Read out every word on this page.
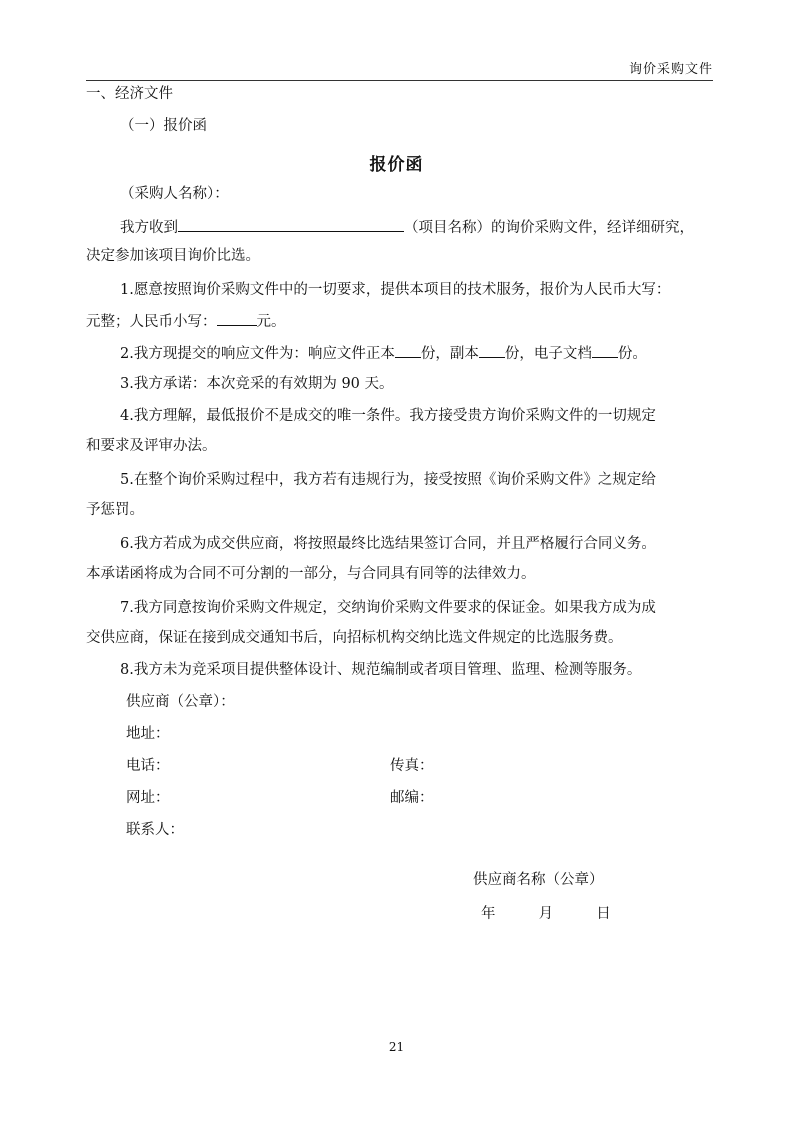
询价采购文件
一、经济文件
（一）报价函
报价函
（采购人名称）：
我方收到	（项目名称）的询价采购文件，经详细研究，
决定参加该项目询价比选。
1.愿意按照询价采购文件中的一切要求，提供本项目的技术服务，报价为人民币大写：
元整；人民币小写：	元。
2.我方现提交的响应文件为：响应文件正本 份，副本 份，电子文档 份。
3.我方承诺：本次竞采的有效期为 90 天。
4.我方理解，最低报价不是成交的唯一条件。我方接受贵方询价采购文件的一切规定
和要求及评审办法。
5.在整个询价采购过程中，我方若有违规行为，接受按照《询价采购文件》之规定给
予惩罚。
6.我方若成为成交供应商，将按照最终比选结果签订合同，并且严格履行合同义务。
本承诺函将成为合同不可分割的一部分，与合同具有同等的法律效力。
7.我方同意按询价采购文件规定，交纳询价采购文件要求的保证金。如果我方成为成
交供应商，保证在接到成交通知书后，向招标机构交纳比选文件规定的比选服务费。
8.我方未为竞采项目提供整体设计、规范编制或者项目管理、监理、检测等服务。
供应商（公章）：
地址：
电话：	传真：
网址：	邮编：
联系人：
供应商名称（公章）
年　 月　 日
21
